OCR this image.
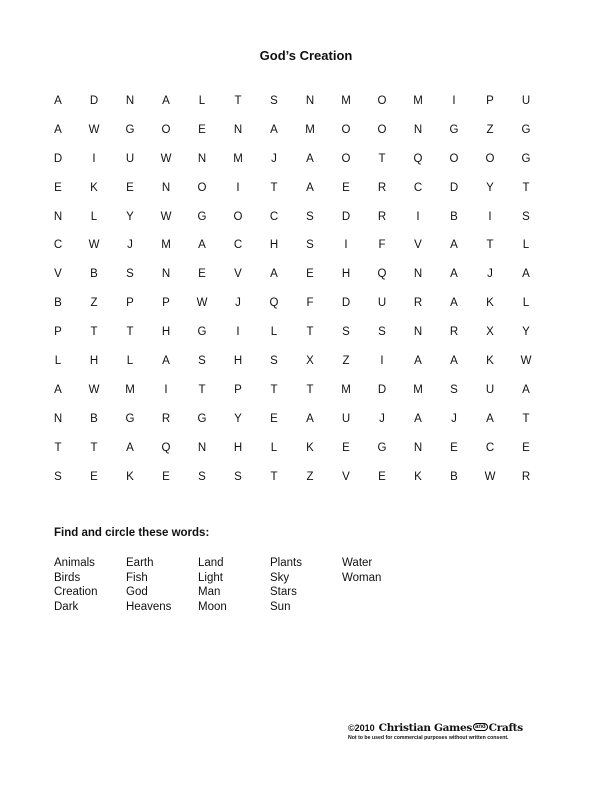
God’s Creation
A	D	N	A	L	T	S	N	M	O	M	I	P	U
A	W	G	O	E	N	A	M	O	O	N	G	Z	G
D	I	U	W	N	M	J	A	O	T	Q	O	O	G
E	K	E	N	O	I	T	A	E	R	C	D	Y	T
N	L	Y	W	G	O	C	S	D	R	I	B	I	S
C	W	J	M	A	C	H	S	I	F	V	A	T	L
V	B	S	N	E	V	A	E	H	Q	N	A	J	A
B	Z	P	P	W	J	Q	F	D	U	R	A	K	L
P	T	T	H	G	I	L	T	S	S	N	R	X	Y
L	H	L	A	S	H	S	X	Z	I	A	A	K	W
A	W	M	I	T	P	T	T	M	D	M	S	U	A
N	B	G	R	G	Y	E	A	U	J	A	J	A	T
T	T	A	Q	N	H	L	K	E	G	N	E	C	E
S	E	K	E	S	S	T	Z	V	E	K	B	W	R
Find and circle these words:
Animals
Birds
Creation
Dark
Earth
Fish
God
Heavens
Land
Light
Man
Moon
Plants
Sky
Stars
Sun
Water
Woman
©2010 Christian Games and Crafts
Not to be used for commercial purposes without written consent.
